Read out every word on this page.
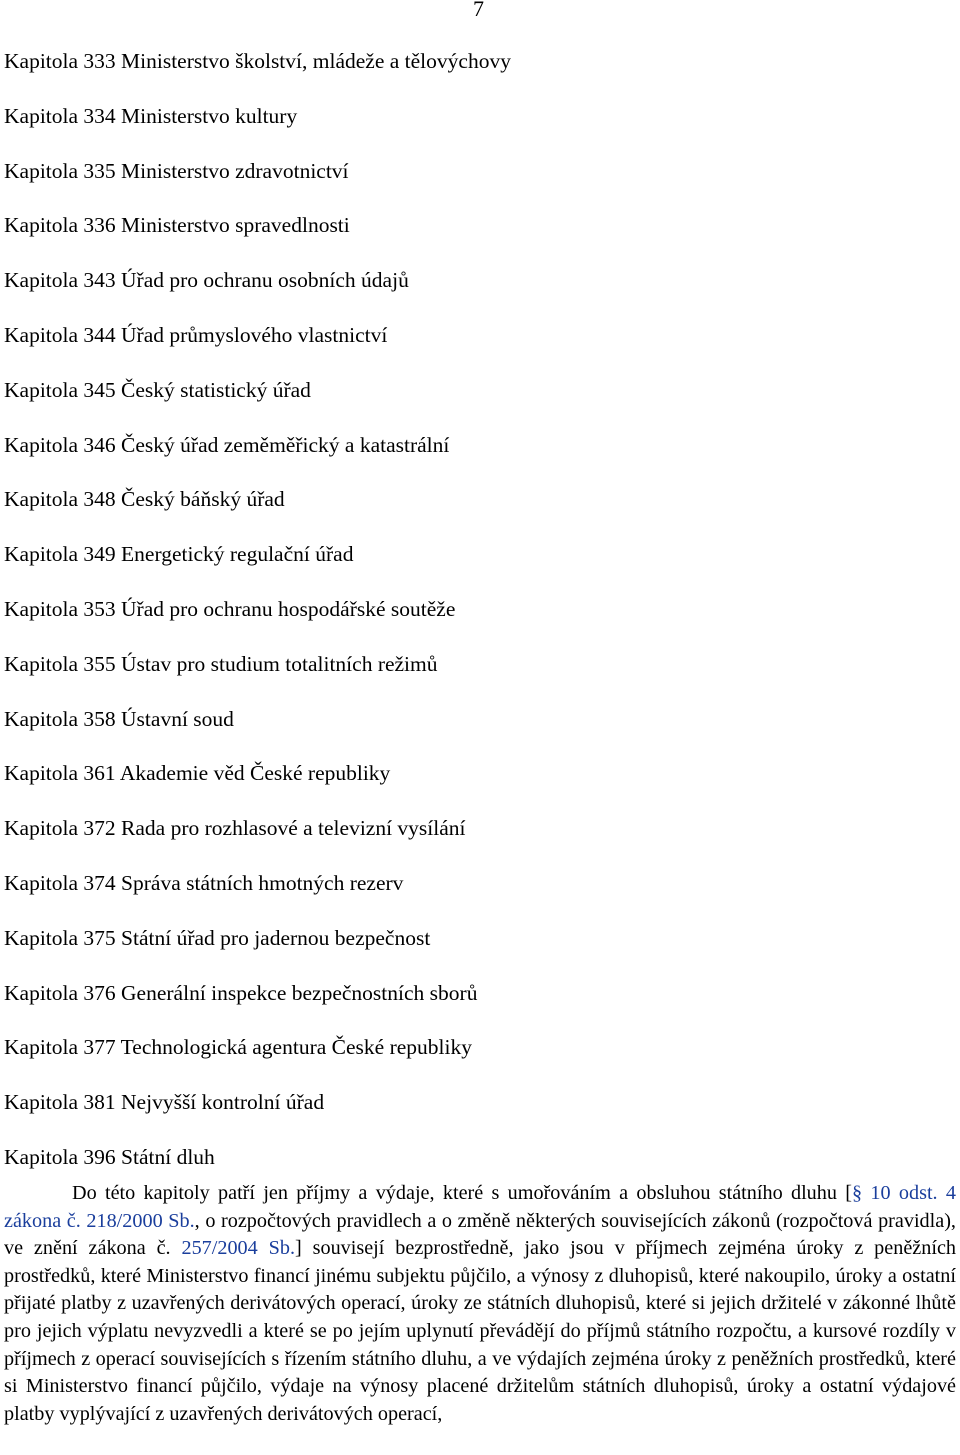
7
Kapitola 333 Ministerstvo školství, mládeže a tělovýchovy
Kapitola 334 Ministerstvo kultury
Kapitola 335 Ministerstvo zdravotnictví
Kapitola 336 Ministerstvo spravedlnosti
Kapitola 343 Úřad pro ochranu osobních údajů
Kapitola 344 Úřad průmyslového vlastnictví
Kapitola 345 Český statistický úřad
Kapitola 346 Český úřad zeměměřický a katastrální
Kapitola 348 Český báňský úřad
Kapitola 349 Energetický regulační úřad
Kapitola 353 Úřad pro ochranu hospodářské soutěže
Kapitola 355 Ústav pro studium totalitních režimů
Kapitola 358 Ústavní soud
Kapitola 361 Akademie věd České republiky
Kapitola 372 Rada pro rozhlasové a televizní vysílání
Kapitola 374 Správa státních hmotných rezerv
Kapitola 375 Státní úřad pro jadernou bezpečnost
Kapitola 376 Generální inspekce bezpečnostních sborů
Kapitola 377 Technologická agentura České republiky
Kapitola 381 Nejvyšší kontrolní úřad
Kapitola 396 Státní dluh

Do této kapitoly patří jen příjmy a výdaje, které s umořováním a obsluhou státního dluhu [§ 10 odst. 4 zákona č. 218/2000 Sb., o rozpočtových pravidlech a o změně některých souvisejících zákonů (rozpočtová pravidla), ve znění zákona č. 257/2004 Sb.] souvisejí bezprostředně, jako jsou v příjmech zejména úroky z peněžních prostředků, které Ministerstvo financí jinému subjektu půjčilo, a výnosy z dluhopisů, které nakoupilo, úroky a ostatní přijaté platby z uzavřených derivátových operací, úroky ze státních dluhopisů, které si jejich držitelé v zákonné lhůtě pro jejich výplatu nevyzvedli a které se po jejím uplynutí převádějí do příjmů státního rozpočtu, a kursové rozdíly v příjmech z operací souvisejících s řízením státního dluhu, a ve výdajích zejména úroky z peněžních prostředků, které si Ministerstvo financí půjčilo, výdaje na výnosy placené držitelům státních dluhopisů, úroky a ostatní výdajové platby vyplývající z uzavřených derivátových operací,
